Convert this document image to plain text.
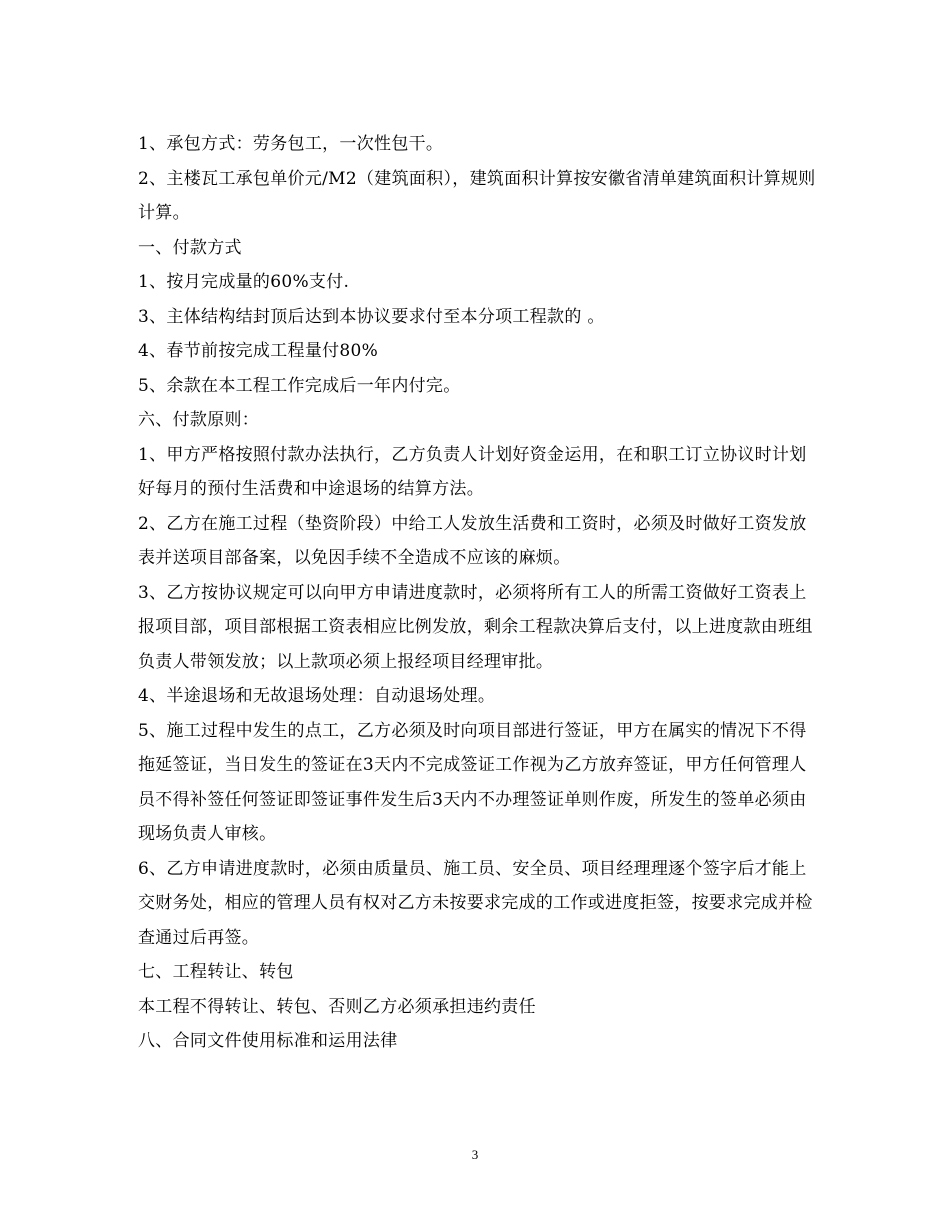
1、承包方式：劳务包工，一次性包干。

2、主楼瓦工承包单价元/M2（建筑面积），建筑面积计算按安徽省清单建筑面积计算规则计算。

一、付款方式

1、按月完成量的60%支付.

3、主体结构结封顶后达到本协议要求付至本分项工程款的 。

4、春节前按完成工程量付80%

5、余款在本工程工作完成后一年内付完。

六、付款原则：

1、甲方严格按照付款办法执行，乙方负责人计划好资金运用，在和职工订立协议时计划好每月的预付生活费和中途退场的结算方法。

2、乙方在施工过程（垫资阶段）中给工人发放生活费和工资时，必须及时做好工资发放表并送项目部备案，以免因手续不全造成不应该的麻烦。

3、乙方按协议规定可以向甲方申请进度款时，必须将所有工人的所需工资做好工资表上报项目部，项目部根据工资表相应比例发放，剩余工程款决算后支付，以上进度款由班组负责人带领发放；以上款项必须上报经项目经理审批。

4、半途退场和无故退场处理：自动退场处理。

5、施工过程中发生的点工，乙方必须及时向项目部进行签证，甲方在属实的情况下不得拖延签证，当日发生的签证在3天内不完成签证工作视为乙方放弃签证，甲方任何管理人员不得补签任何签证即签证事件发生后3天内不办理签证单则作废，所发生的签单必须由现场负责人审核。

6、乙方申请进度款时，必须由质量员、施工员、安全员、项目经理理逐个签字后才能上交财务处，相应的管理人员有权对乙方未按要求完成的工作或进度拒签，按要求完成并检查通过后再签。

七、工程转让、转包

本工程不得转让、转包、否则乙方必须承担违约责任

八、合同文件使用标准和运用法律

3
